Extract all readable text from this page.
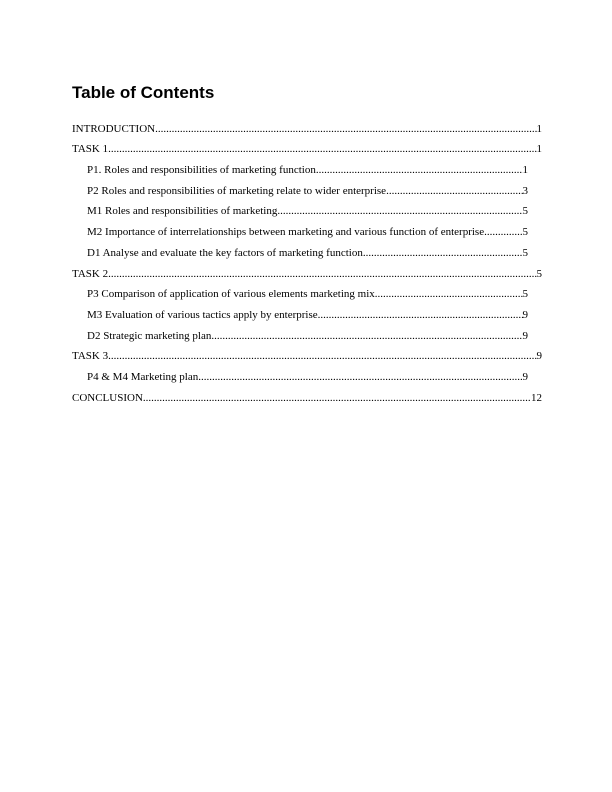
Table of Contents
INTRODUCTION .....	1
TASK 1 .....	1
P1. Roles and responsibilities of marketing function .....	1
P2 Roles and responsibilities of marketing relate to wider enterprise .....	3
M1 Roles and responsibilities of marketing .....	5
M2 Importance of interrelationships between marketing and various function of enterprise .....	5
D1 Analyse and evaluate the key factors of marketing function .....	5
TASK 2 .....	5
P3 Comparison of application of various elements marketing mix .....	5
M3 Evaluation of various tactics apply by enterprise .....	9
D2 Strategic marketing plan .....	9
TASK 3 .....	9
P4 & M4 Marketing plan .....	9
CONCLUSION .....	12
